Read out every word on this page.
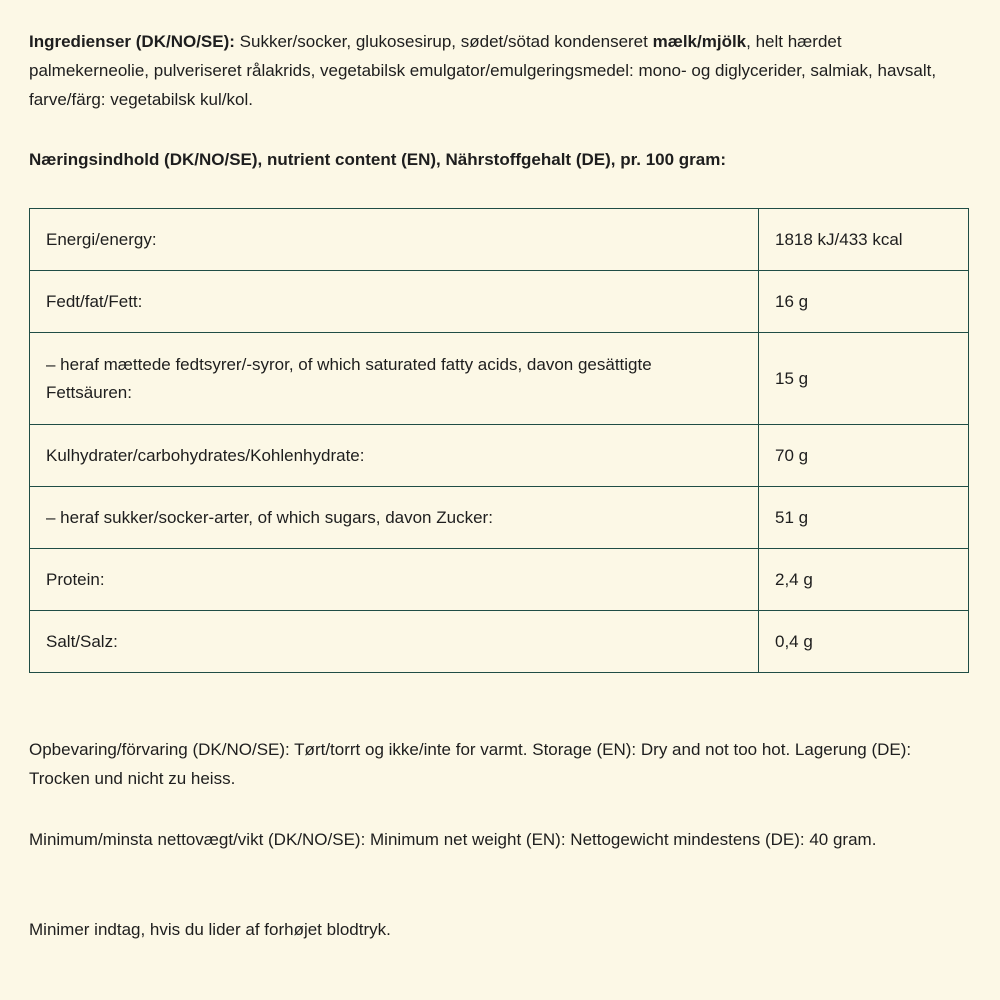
Ingredienser (DK/NO/SE): Sukker/socker, glukosesirup, sødet/sötad kondenseret mælk/mjölk, helt hærdet palmekerneolie, pulveriseret rålakrids, vegetabilsk emulgator/emulgeringsmedel: mono- og diglycerider, salmiak, havsalt, farve/färg: vegetabilsk kul/kol.

Næringsindhold (DK/NO/SE), nutrient content (EN), Nährstoffgehalt (DE), pr. 100 gram:

Energi/energy:	1818 kJ/433 kcal
Fedt/fat/Fett:	16 g
– heraf mættede fedtsyrer/-syror, of which saturated fatty acids, davon gesättigte Fettsäuren:	15 g
Kulhydrater/carbohydrates/Kohlenhydrate:	70 g
– heraf sukker/socker-arter, of which sugars, davon Zucker:	51 g
Protein:	2,4 g
Salt/Salz:	0,4 g

Opbevaring/förvaring (DK/NO/SE): Tørt/torrt og ikke/inte for varmt. Storage (EN): Dry and not too hot. Lagerung (DE): Trocken und nicht zu heiss.

Minimum/minsta nettovægt/vikt (DK/NO/SE): Minimum net weight (EN): Nettogewicht mindestens (DE): 40 gram.

Minimer indtag, hvis du lider af forhøjet blodtryk.
